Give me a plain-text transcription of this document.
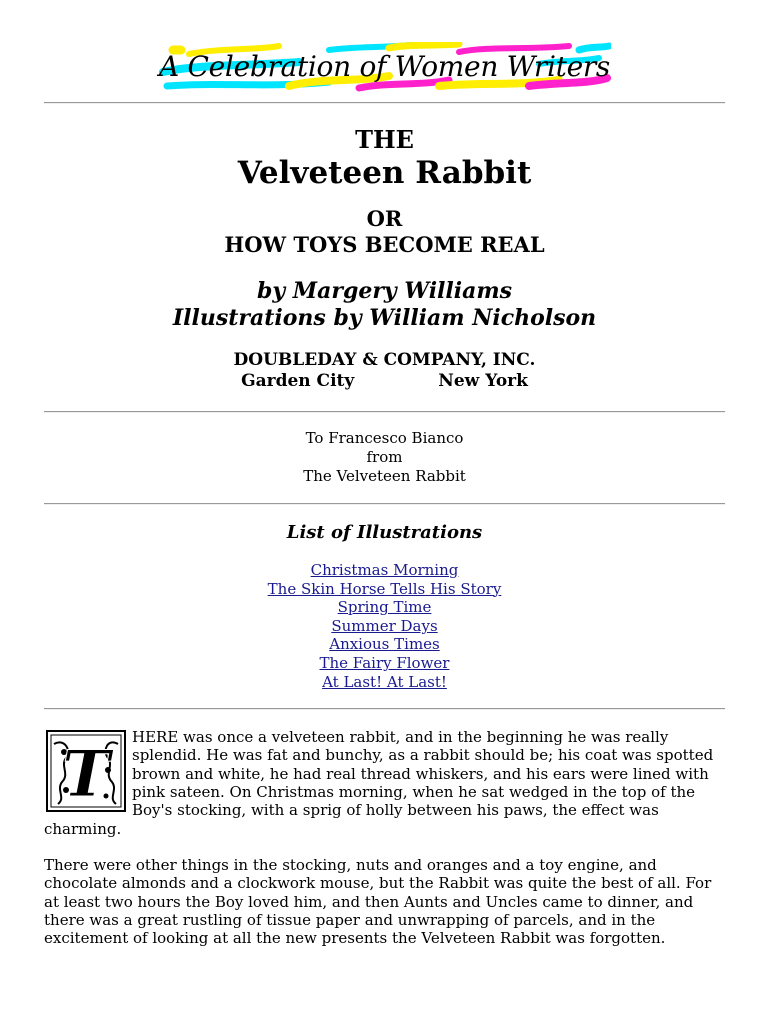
A Celebration of Women Writers
THE
Velveteen Rabbit
OR
HOW TOYS BECOME REAL
by Margery Williams
Illustrations by William Nicholson
DOUBLEDAY & COMPANY, INC.
Garden City	New York
To Francesco Bianco
from
The Velveteen Rabbit
List of Illustrations
Christmas Morning
The Skin Horse Tells His Story
Spring Time
Summer Days
Anxious Times
The Fairy Flower
At Last! At Last!
T	HERE was once a velveteen rabbit, and in the beginning he was really splendid. He was fat and bunchy, as a rabbit should be; his coat was spotted brown and white, he had real thread whiskers, and his ears were lined with pink sateen. On Christmas morning, when he sat wedged in the top of the Boy's stocking, with a sprig of holly between his paws, the effect was charming.

There were other things in the stocking, nuts and oranges and a toy engine, and chocolate almonds and a clockwork mouse, but the Rabbit was quite the best of all. For at least two hours the Boy loved him, and then Aunts and Uncles came to dinner, and there was a great rustling of tissue paper and unwrapping of parcels, and in the excitement of looking at all the new presents the Velveteen Rabbit was forgotten.
